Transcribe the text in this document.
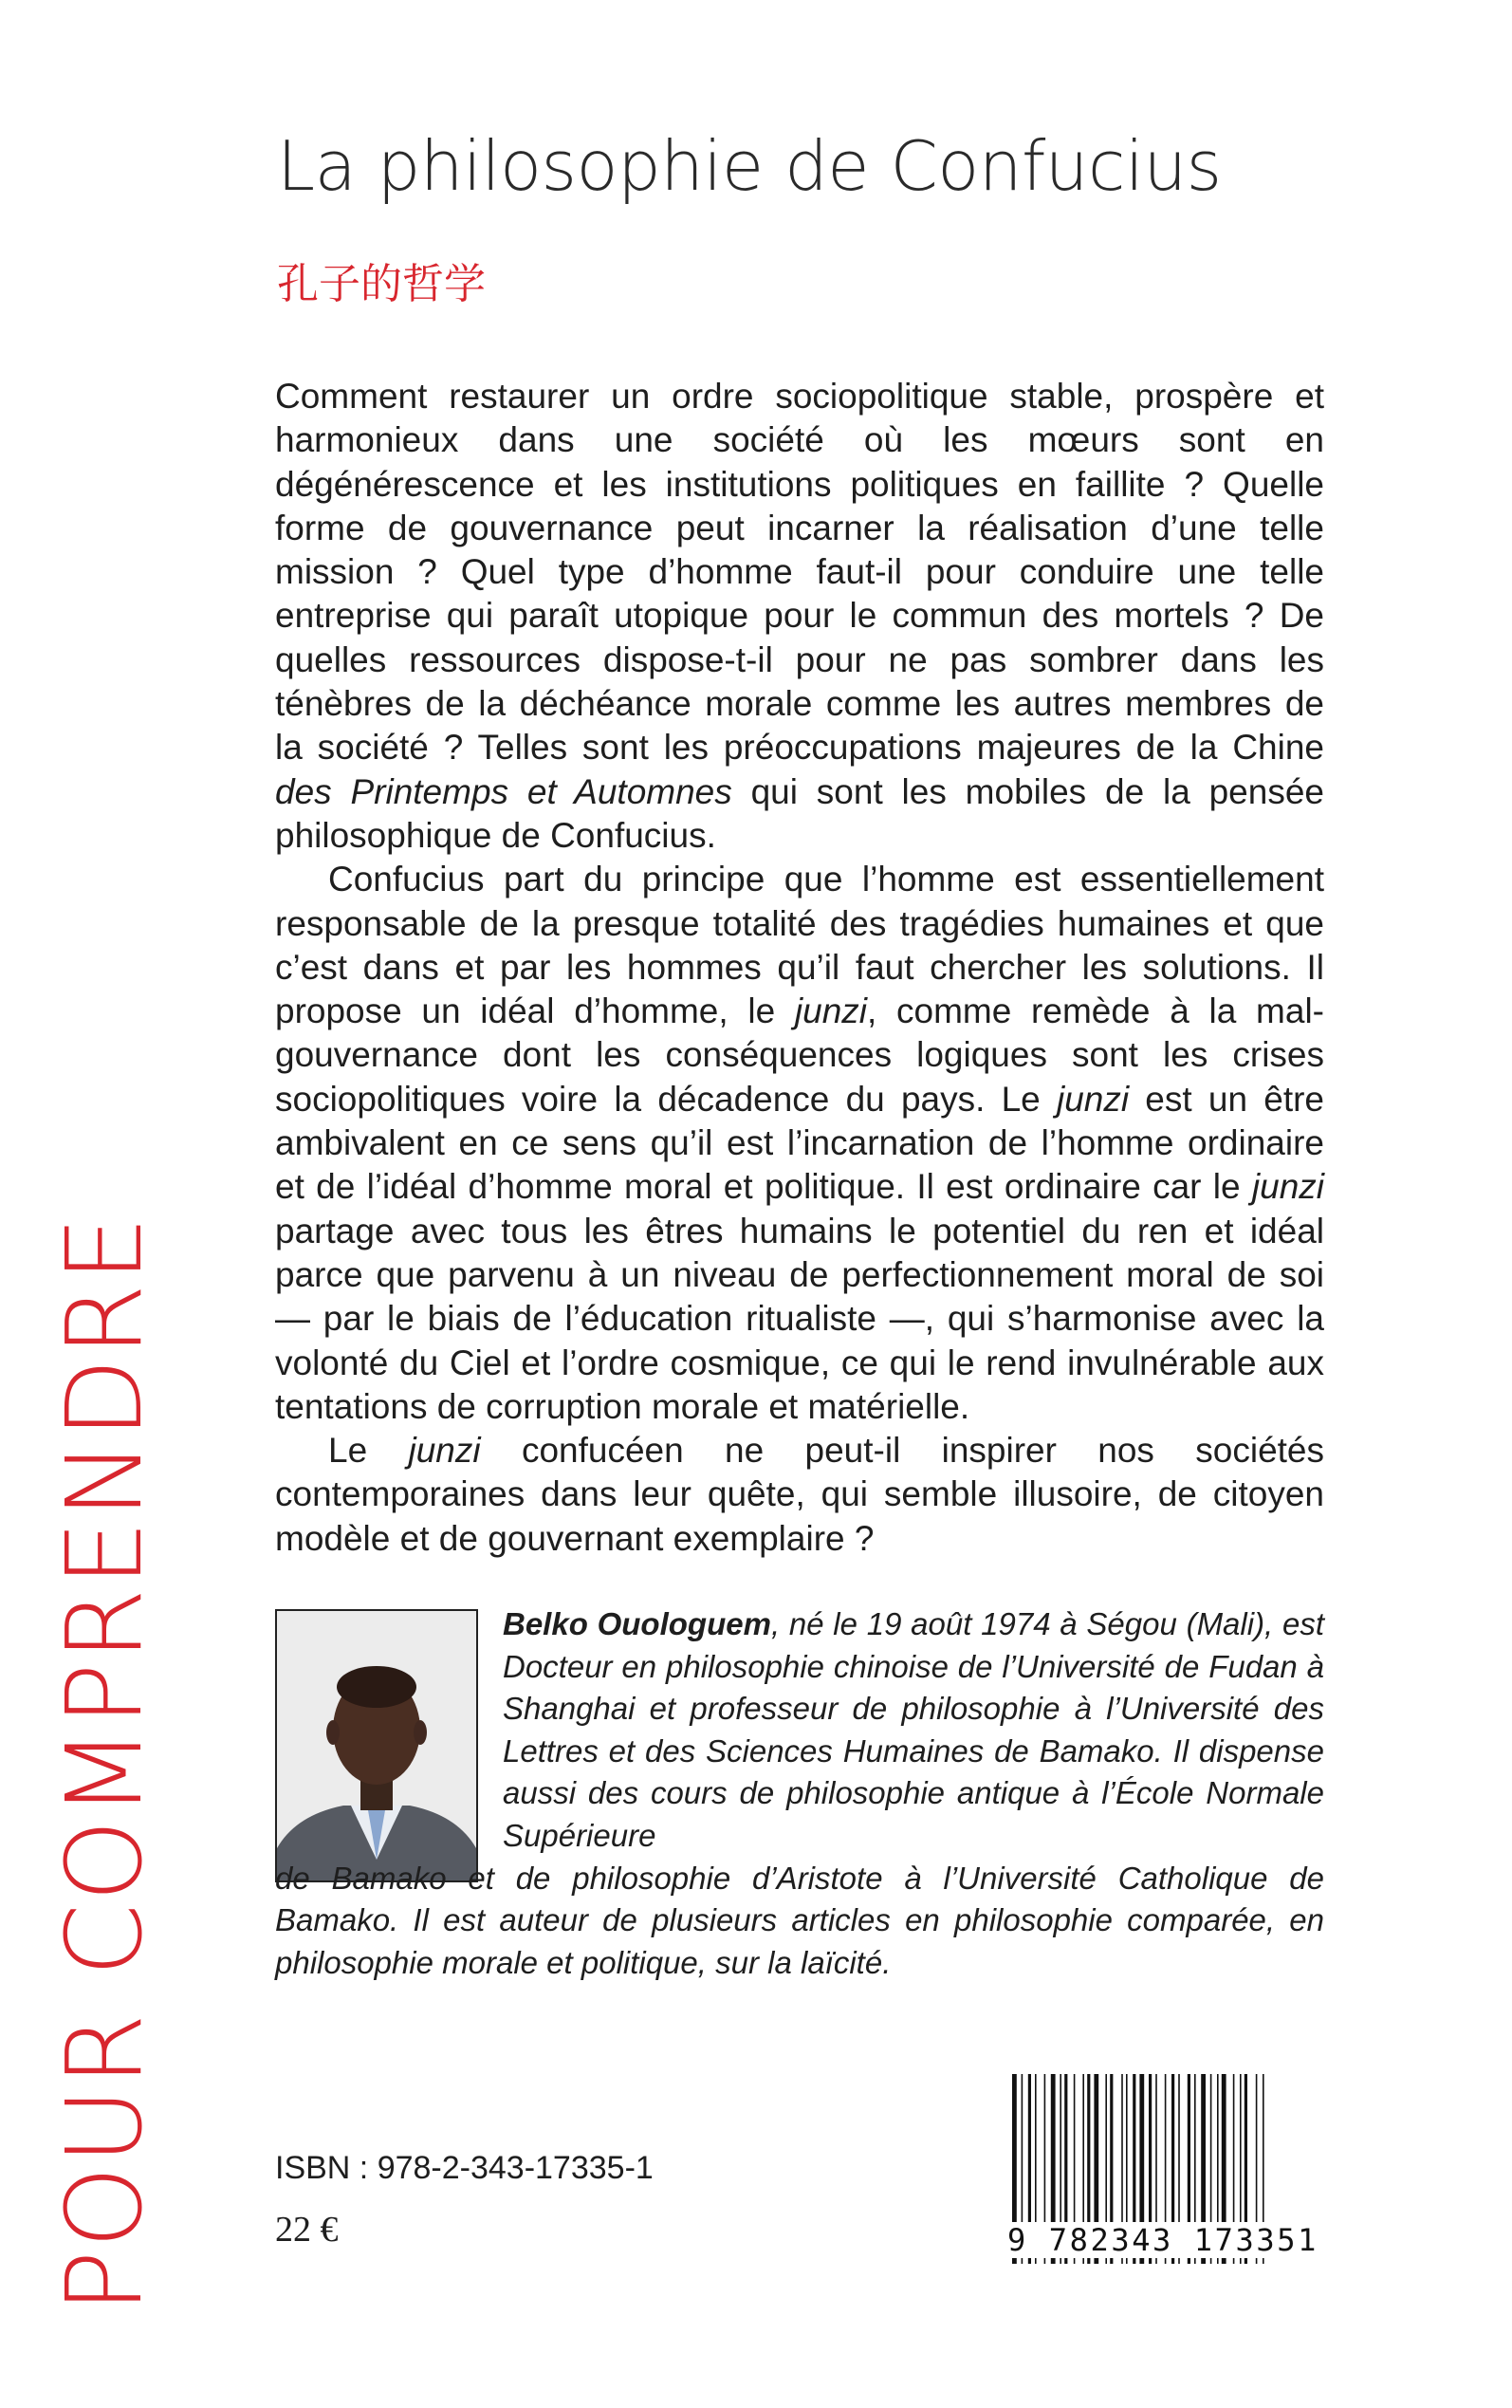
La philosophie de Confucius
孔子的哲学
POUR COMPRENDRE

Comment restaurer un ordre sociopolitique stable, prospère et harmonieux dans une société où les mœurs sont en dégénérescence et les institutions politiques en faillite ? Quelle forme de gouvernance peut incarner la réalisation d’une telle mission ? Quel type d’homme faut-il pour conduire une telle entreprise qui paraît utopique pour le commun des mortels ? De quelles ressources dispose-t-il pour ne pas sombrer dans les ténèbres de la déchéance morale comme les autres membres de la société ? Telles sont les préoccupations majeures de la Chine des Printemps et Automnes qui sont les mobiles de la pensée philosophique de Confucius.

Confucius part du principe que l’homme est essentiellement responsable de la presque totalité des tragédies humaines et que c’est dans et par les hommes qu’il faut chercher les solutions. Il propose un idéal d’homme, le junzi, comme remède à la mal-gouvernance dont les conséquences logiques sont les crises sociopolitiques voire la décadence du pays. Le junzi est un être ambivalent en ce sens qu’il est l’incarnation de l’homme ordinaire et de l’idéal d’homme moral et politique. Il est ordinaire car le junzi partage avec tous les êtres humains le potentiel du ren et idéal parce que parvenu à un niveau de perfectionnement moral de soi — par le biais de l’éducation ritualiste —, qui s’harmonise avec la volonté du Ciel et l’ordre cosmique, ce qui le rend invulnérable aux tentations de corruption morale et matérielle.

Le junzi confucéen ne peut-il inspirer nos sociétés contemporaines dans leur quête, qui semble illusoire, de citoyen modèle et de gouvernant exemplaire ?

Belko Ouologuem, né le 19 août 1974 à Ségou (Mali), est Docteur en philosophie chinoise de l’Université de Fudan à Shanghai et professeur de philosophie à l’Université des Lettres et des Sciences Humaines de Bamako. Il dispense aussi des cours de philosophie antique à l’École Normale Supérieure
de Bamako et de philosophie d’Aristote à l’Université Catholique de Bamako. Il est auteur de plusieurs articles en philosophie comparée, en philosophie morale et politique, sur la laïcité.
ISBN : 978-2-343-17335-1
22 €	9 782343 173351
